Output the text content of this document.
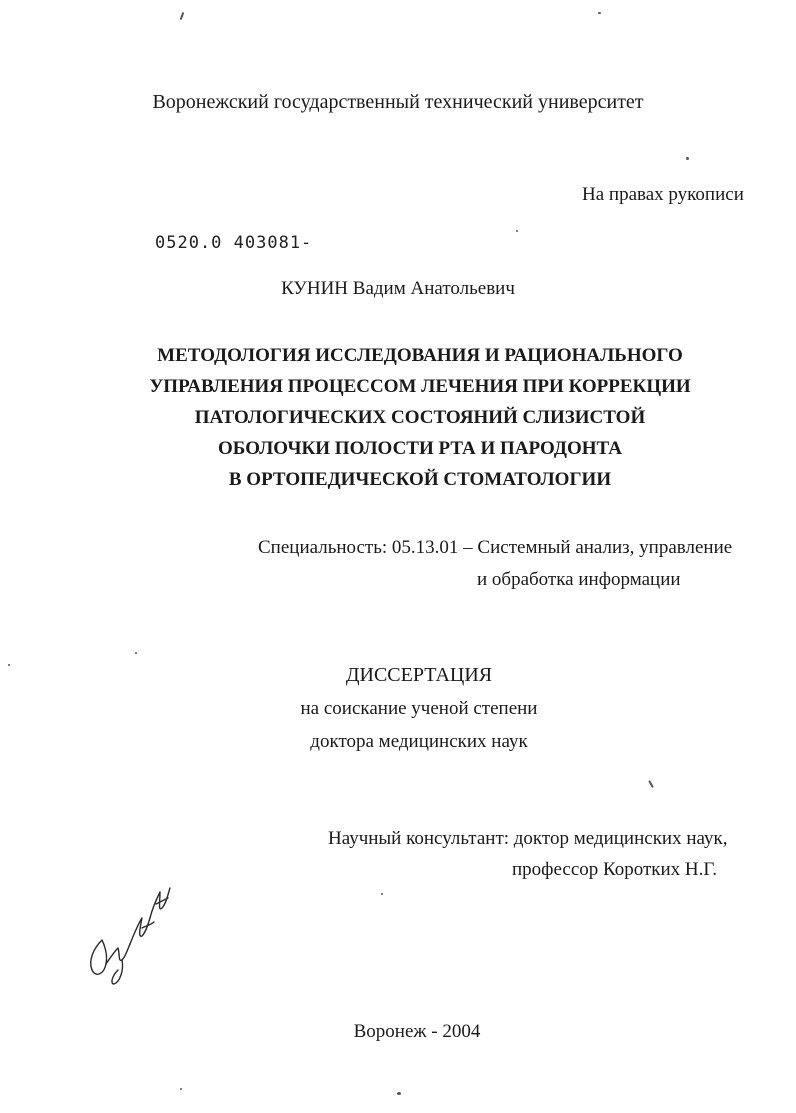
Воронежский государственный технический университет
На правах рукописи
0520.0 403081-
КУНИН Вадим Анатольевич
МЕТОДОЛОГИЯ ИССЛЕДОВАНИЯ И РАЦИОНАЛЬНОГО
УПРАВЛЕНИЯ ПРОЦЕССОМ ЛЕЧЕНИЯ ПРИ КОРРЕКЦИИ
ПАТОЛОГИЧЕСКИХ СОСТОЯНИЙ СЛИЗИСТОЙ
ОБОЛОЧКИ ПОЛОСТИ РТА И ПАРОДОНТА
В ОРТОПЕДИЧЕСКОЙ СТОМАТОЛОГИИ
Специальность: 05.13.01 – Системный анализ, управление
и обработка информации
ДИССЕРТАЦИЯ
на соискание ученой степени
доктора медицинских наук
Научный консультант: доктор медицинских наук,
профессор Коротких Н.Г.
Воронеж - 2004
